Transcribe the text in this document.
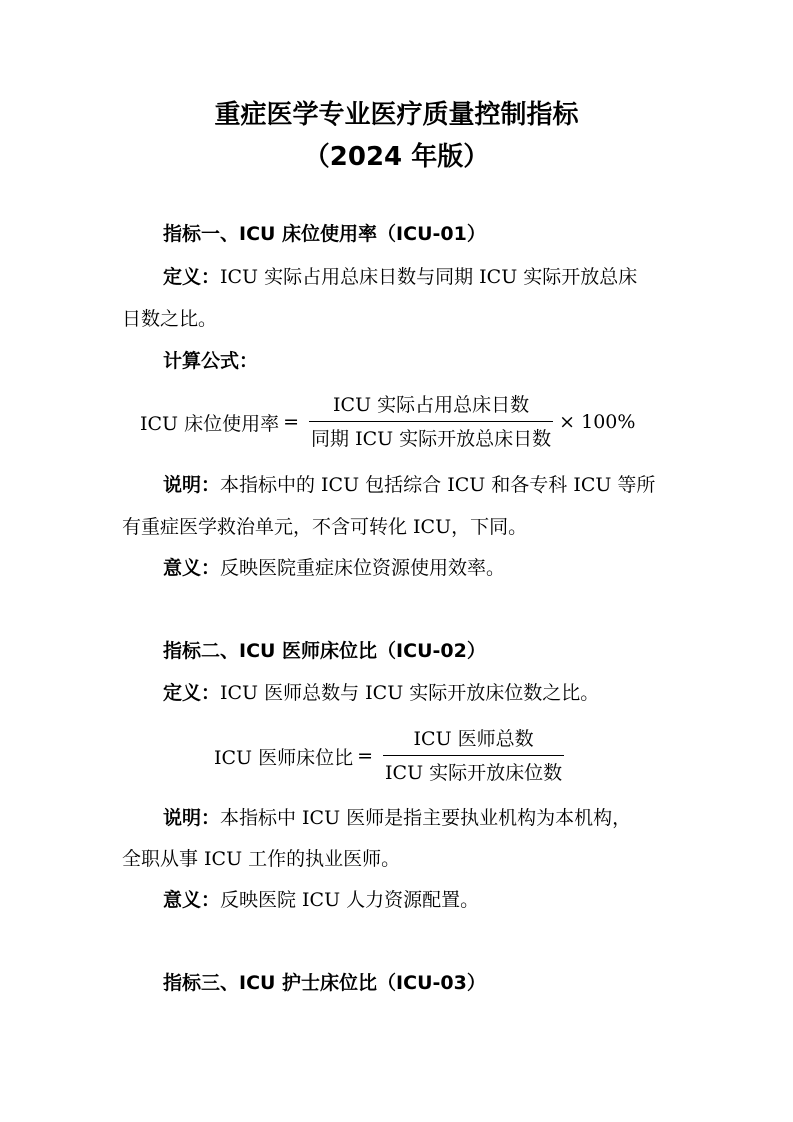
重症医学专业医疗质量控制指标
（2024 年版）
指标一、ICU 床位使用率（ICU-01）
定义：ICU 实际占用总床日数与同期 ICU 实际开放总床
日数之比。
计算公式：
ICU 床位使用率 = $\frac{\text{ICU 实际占用总床日数}}{\text{同期 ICU 实际开放总床日数}} \times 100\%$
说明：本指标中的 ICU 包括综合 ICU 和各专科 ICU 等所
有重症医学救治单元，不含可转化 ICU，下同。
意义：反映医院重症床位资源使用效率。
指标二、ICU 医师床位比（ICU-02）
定义：ICU 医师总数与 ICU 实际开放床位数之比。
ICU 医师床位比 = $\frac{\text{ICU 医师总数}}{\text{ICU 实际开放床位数}}$
说明：本指标中 ICU 医师是指主要执业机构为本机构，
全职从事 ICU 工作的执业医师。
意义：反映医院 ICU 人力资源配置。
指标三、ICU 护士床位比（ICU-03）
